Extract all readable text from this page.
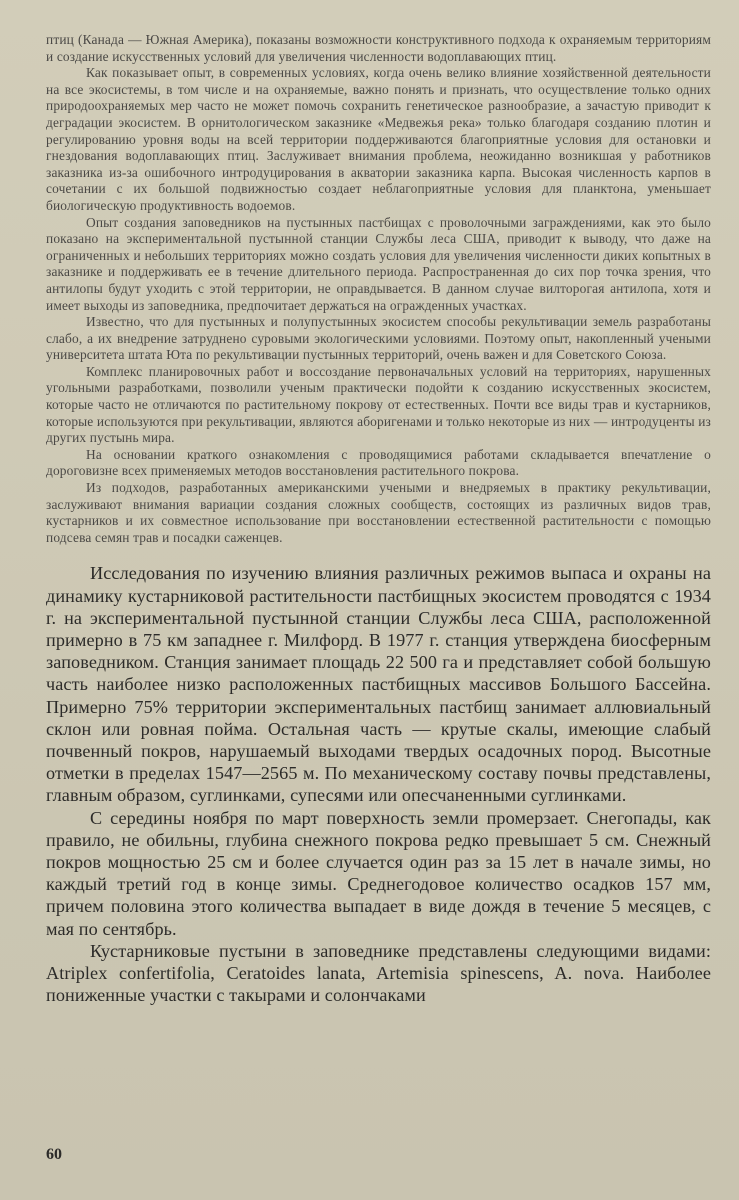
птиц (Канада — Южная Америка), показаны возможности конструктивного подхода к охраняемым территориям и создание искусственных условий для увеличения численности водоплавающих птиц.

Как показывает опыт, в современных условиях, когда очень велико влияние хозяйственной деятельности на все экосистемы, в том числе и на охраняемые, важно понять и признать, что осуществление только одних природоохраняемых мер часто не может помочь сохранить генетическое разнообразие, а зачастую приводит к деградации экосистем. В орнитологическом заказнике «Медвежья река» только благодаря созданию плотин и регулированию уровня воды на всей территории поддерживаются благоприятные условия для остановки и гнездования водоплавающих птиц. Заслуживает внимания проблема, неожиданно возникшая у работников заказника из-за ошибочного интродуцирования в акватории заказника карпа. Высокая численность карпов в сочетании с их большой подвижностью создает неблагоприятные условия для планктона, уменьшает биологическую продуктивность водоемов.

Опыт создания заповедников на пустынных пастбищах с проволочными заграждениями, как это было показано на экспериментальной пустынной станции Службы леса США, приводит к выводу, что даже на ограниченных и небольших территориях можно создать условия для увеличения численности диких копытных в заказнике и поддерживать ее в течение длительного периода. Распространенная до сих пор точка зрения, что антилопы будут уходить с этой территории, не оправдывается. В данном случае вилторогая антилопа, хотя и имеет выходы из заповедника, предпочитает держаться на огражденных участках.

Известно, что для пустынных и полупустынных экосистем способы рекультивации земель разработаны слабо, а их внедрение затруднено суровыми экологическими условиями. Поэтому опыт, накопленный учеными университета штата Юта по рекультивации пустынных территорий, очень важен и для Советского Союза.

Комплекс планировочных работ и воссоздание первоначальных условий на территориях, нарушенных угольными разработками, позволили ученым практически подойти к созданию искусственных экосистем, которые часто не отличаются по растительному покрову от естественных. Почти все виды трав и кустарников, которые используются при рекультивации, являются аборигенами и только некоторые из них — интродуценты из других пустынь мира.

На основании краткого ознакомления с проводящимися работами складывается впечатление о дороговизне всех применяемых методов восстановления растительного покрова.

Из подходов, разработанных американскими учеными и внедряемых в практику рекультивации, заслуживают внимания вариации создания сложных сообществ, состоящих из различных видов трав, кустарников и их совместное использование при восстановлении естественной растительности с помощью подсева семян трав и посадки саженцев.

Исследования по изучению влияния различных режимов выпаса и охраны на динамику кустарниковой растительности пастбищных экосистем проводятся с 1934 г. на экспериментальной пустынной станции Службы леса США, расположенной примерно в 75 км западнее г. Милфорд. В 1977 г. станция утверждена биосферным заповедником. Станция занимает площадь 22 500 га и представляет собой большую часть наиболее низко расположенных пастбищных массивов Большого Бассейна. Примерно 75% территории экспериментальных пастбищ занимает аллювиальный склон или ровная пойма. Остальная часть — крутые скалы, имеющие слабый почвенный покров, нарушаемый выходами твердых осадочных пород. Высотные отметки в пределах 1547—2565 м. По механическому составу почвы представлены, главным образом, суглинками, супесями или опесчаненными суглинками.

С середины ноября по март поверхность земли промерзает. Снегопады, как правило, не обильны, глубина снежного покрова редко превышает 5 см. Снежный покров мощностью 25 см и более случается один раз за 15 лет в начале зимы, но каждый третий год в конце зимы. Среднегодовое количество осадков 157 мм, причем половина этого количества выпадает в виде дождя в течение 5 месяцев, с мая по сентябрь.

Кустарниковые пустыни в заповеднике представлены следующими видами: Atriplex confertifolia, Ceratoides lanata, Artemisia spinescens, A. nova. Наиболее пониженные участки с такырами и солончаками

60
